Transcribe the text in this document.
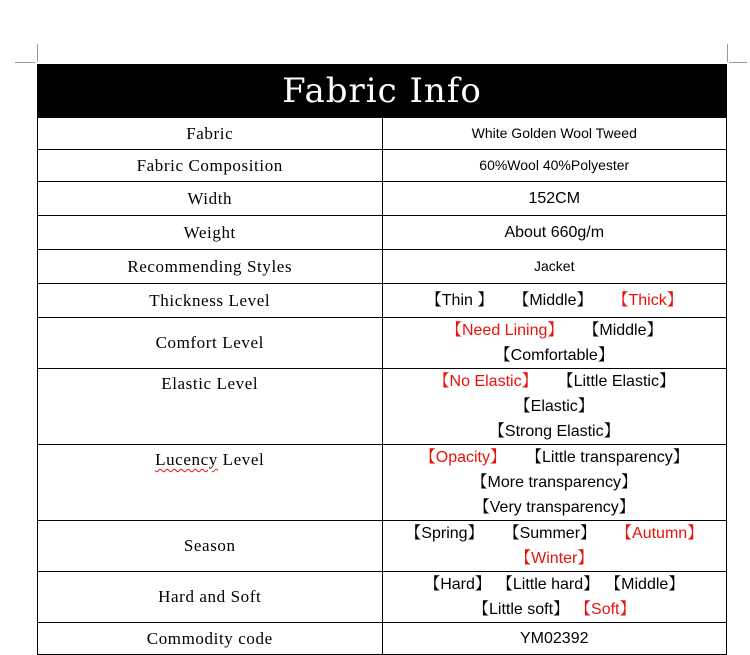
Fabric Info	
Fabric	White Golden Wool Tweed
Fabric Composition	60%Wool 40%Polyester
Width	152CM
Weight	About 660g/m
Recommending Styles	Jacket
Thickness Level	【Thin 】 【Middle】 【Thick】
Comfort Level	【Need Lining】 【Middle】【Comfortable】
Elastic Level	【No Elastic】 【Little Elastic】【Elastic】
【Strong Elastic】
Lucency Level	【Opacity】 【Little transparency】
【More transparency】【Very transparency】
Season	【Spring】 【Summer】 【Autumn】【Winter】
Hard and Soft	【Hard】 【Little hard】 【Middle】【Little soft】 【Soft】
Commodity code	YM02392
